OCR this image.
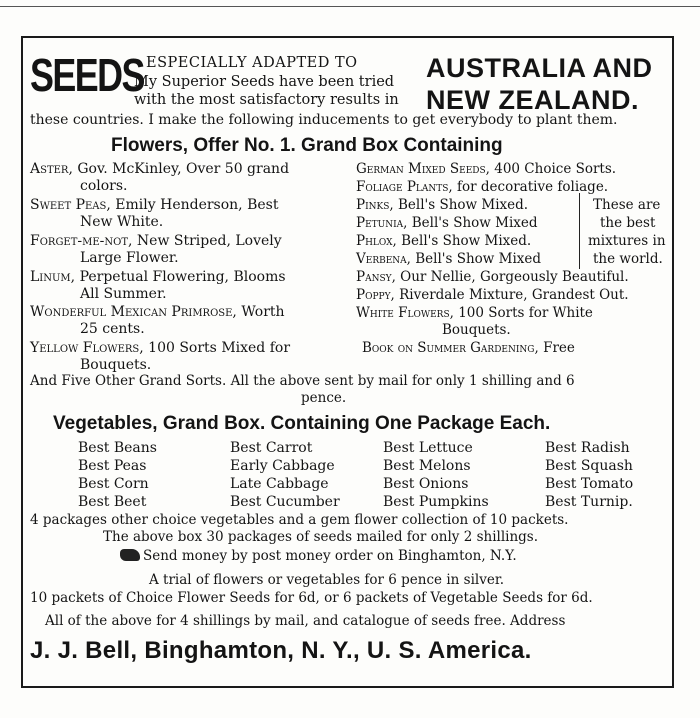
SEEDS ESPECIALLY ADAPTED TO
My Superior Seeds have been tried
with the most satisfactory results in
AUSTRALIA AND
NEW ZEALAND.
these countries. I make the following inducements to get everybody to plant them.
Flowers, Offer No. 1. Grand Box Containing
Aster, Gov. McKinley, Over 50 grand
colors.
Sweet Peas, Emily Henderson, Best
New White.
Forget-me-not, New Striped, Lovely
Large Flower.
Linum, Perpetual Flowering, Blooms
All Summer.
Wonderful Mexican Primrose, Worth
25 cents.
Yellow Flowers, 100 Sorts Mixed for
Bouquets.
German Mixed Seeds, 400 Choice Sorts.
Foliage Plants, for decorative foliage.
Pinks, Bell's Show Mixed.
Petunia, Bell's Show Mixed
Phlox, Bell's Show Mixed.
Verbena, Bell's Show Mixed
Pansy, Our Nellie, Gorgeously Beautiful.
Poppy, Riverdale Mixture, Grandest Out.
White Flowers, 100 Sorts for White
Bouquets.
Book on Summer Gardening, Free
These are
the best
mixtures in
the world.
And Five Other Grand Sorts. All the above sent by mail for only 1 shilling and 6
pence.
Vegetables, Grand Box. Containing One Package Each.
Best Beans
Best Peas
Best Corn
Best Beet
Best Carrot
Early Cabbage
Late Cabbage
Best Cucumber
Best Lettuce
Best Melons
Best Onions
Best Pumpkins
Best Radish
Best Squash
Best Tomato
Best Turnip.
4 packages other choice vegetables and a gem flower collection of 10 packets.
The above box 30 packages of seeds mailed for only 2 shillings.
Send money by post money order on Binghamton, N.Y.
A trial of flowers or vegetables for 6 pence in silver.
10 packets of Choice Flower Seeds for 6d, or 6 packets of Vegetable Seeds for 6d.
All of the above for 4 shillings by mail, and catalogue of seeds free. Address
J. J. Bell, Binghamton, N. Y., U. S. America.
